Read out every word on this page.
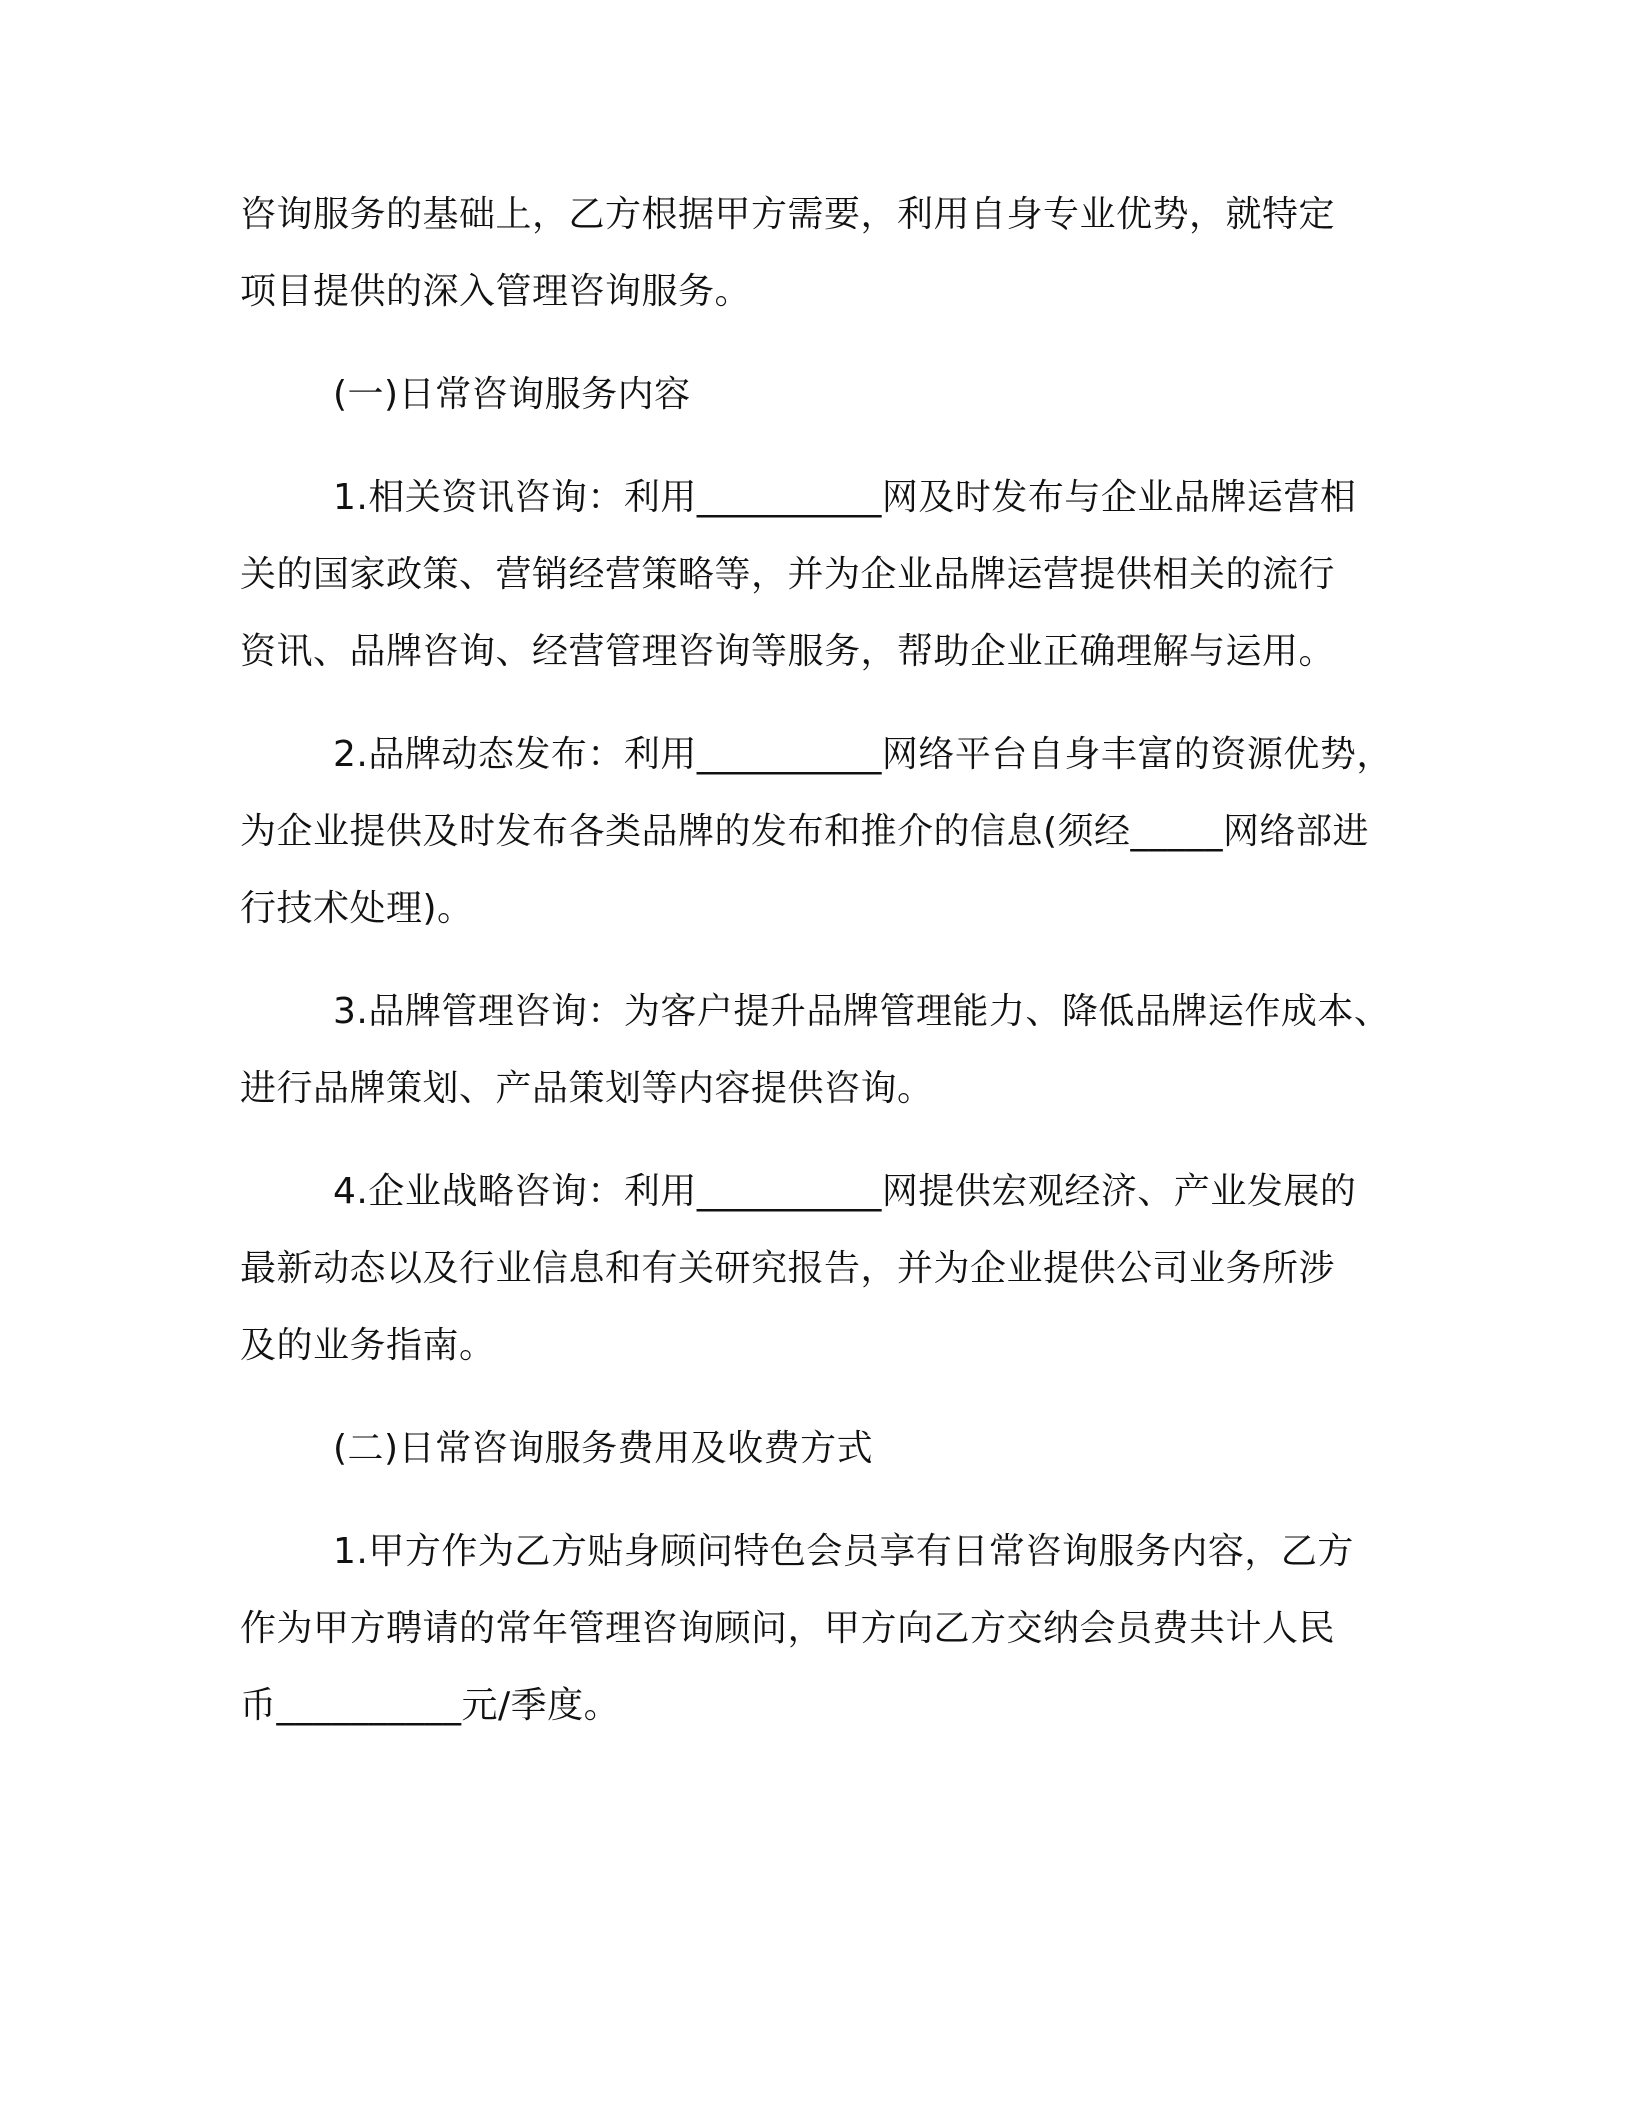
咨询服务的基础上，乙方根据甲方需要，利用自身专业优势，就特定
项目提供的深入管理咨询服务。
(一)日常咨询服务内容
1.相关资讯咨询：利用__________网及时发布与企业品牌运营相
关的国家政策、营销经营策略等，并为企业品牌运营提供相关的流行
资讯、品牌咨询、经营管理咨询等服务，帮助企业正确理解与运用。
2.品牌动态发布：利用__________网络平台自身丰富的资源优势，
为企业提供及时发布各类品牌的发布和推介的信息(须经_____网络部进
行技术处理)。
3.品牌管理咨询：为客户提升品牌管理能力、降低品牌运作成本、
进行品牌策划、产品策划等内容提供咨询。
4.企业战略咨询：利用__________网提供宏观经济、产业发展的
最新动态以及行业信息和有关研究报告，并为企业提供公司业务所涉
及的业务指南。
(二)日常咨询服务费用及收费方式
1.甲方作为乙方贴身顾问特色会员享有日常咨询服务内容，乙方
作为甲方聘请的常年管理咨询顾问，甲方向乙方交纳会员费共计人民
币__________元/季度。
